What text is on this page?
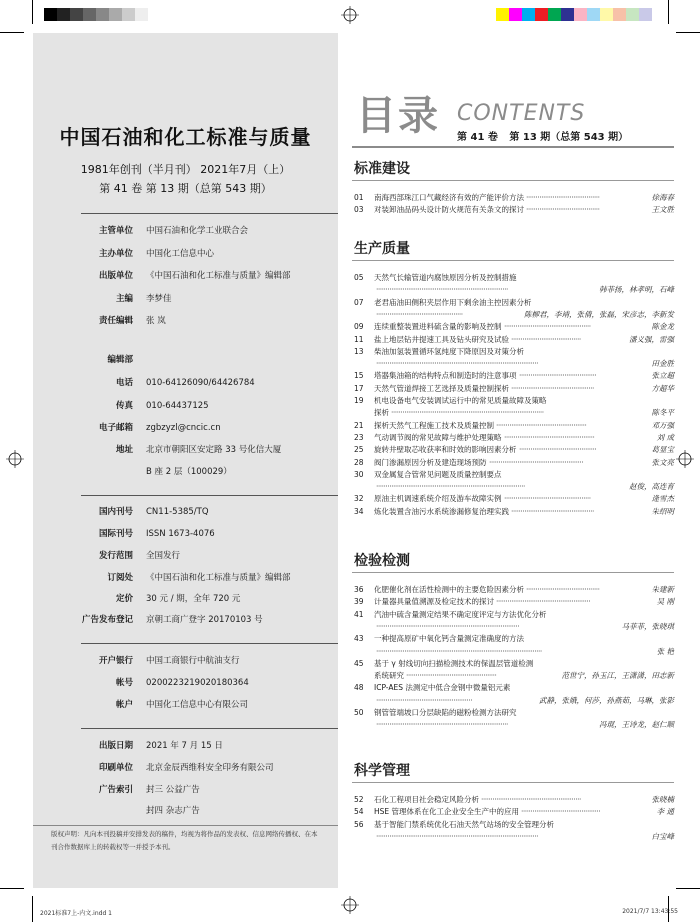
中国石油和化工标准与质量
1981年创刊（半月刊） 2021年7月（上）
第 41 卷 第 13 期（总第 543 期）
主管单位 中国石油和化学工业联合会
主办单位 中国化工信息中心
出版单位 《中国石油和化工标准与质量》编辑部
主编 李梦佳
责任编辑 张 岚
编辑部
电话 010-64126090/64426784
传真 010-64437125
电子邮箱 zgbzyzl@cncic.cn
地址 北京市朝阳区安定路 33 号化信大厦
B 座 2 层（100029）
国内刊号 CN11-5385/TQ
国际刊号 ISSN 1673-4076
发行范围 全国发行
订阅处 《中国石油和化工标准与质量》编辑部
定价 30 元 / 期，全年 720 元
广告发布登记 京朝工商广登字 20170103 号
开户银行 中国工商银行中航油支行
帐号 0200223219020180364
帐户 中国化工信息中心有限公司
出版日期 2021 年 7 月 15 日
印刷单位 北京金辰西维科安全印务有限公司
广告索引 封三 公益广告
封四 杂志广告
版权声明：凡向本刊投稿并安排发表的稿件，均视为将作品的发表权、信息网络传播权、在本刊合作数据库上的转载权等一并授予本刊。
目录 CONTENTS
第 41 卷 第 13 期（总第 543 期）
标准建设
01	南海西部珠江口气藏经济有效的产能评价方法	徐海春
·······································
03	对装卸油品码头设计防火规范有关条文的探讨	王文胜
·······································
生产质量
05	天然气长输管道内腐蚀原因分析及控制措施
韩菲扬，林孝明，石峰
······································································
07	老君庙油田侧积夹层作用下剩余油主控因素分析
陈柳君，李靖，张倩，张磊，宋彦志，李新发
··············································
09	连续重整装置进料硫含量的影响及控制	陈金龙
··············································
11	盐上地层钻井提速工具及钻头研究及试验	潘义强，雷强
·····································
13	柴油加氢装置循环氢纯度下降原因及对策分析
田金胜
······················································································
15	塔器集油箱的结构特点和制造时的注意事项	张立超
·········································
17	天然气管道焊接工艺选择及质量控制探析	方超华
············································
19	机电设备电气安装调试运行中的常见质量故障及策略
探析	陈冬平
·················································································
21	探析天然气工程施工技术及质量控制	邓万强
················································
23	气动调节阀的常见故障与维护处理策略	刘 成
················································
25	旋转井壁取芯收获率和时效的影响因素分析	葛显宝
·········································
28	阀门渗漏原因分析及建造现场预防	张文亮
··················································
30	双金属复合管常见问题及质量控制要点
赵俊，高连育
···············································································
32	原油主机调速系统介绍及游车故障实例	逄雪杰
··············································
34	炼化装置含油污水系统渗漏修复治理实践	朱绍明
············································
检验检测
36	化肥催化剂在活性检测中的主要危险因素分析	朱建新
·······································
39	计量器具量值溯源及检定技术的探讨	吴 刚
··················································
41	汽油中硫含量测定结果不确定度评定与方法优化分析
马菲菲，张晓琪
············································································
43	一种提高原矿中氧化钙含量测定准确度的方法
张 艳
························································································
45	基于 γ 射线切向扫描检测技术的保温层管道检测
系统研究	范世宁，孙玉江，王潇潇，田志新
················································
48	ICP-AES 法测定中低合金钢中微量铝元素
武静，张娥，何莎，孙燕茹，马琳，张影
···················································
50	钢管管端坡口分层缺陷的磁粉检测方法研究
冯琨，王诗龙，赵仁顺
······································································
科学管理
52	石化工程项目社会稳定风险分析	张晓楠
·····················································
54	HSE 管理体系在化工企业安全生产中的应用	李 通
··········································
56	基于智能门禁系统优化石油天然气站场的安全管理分析
白宝峰
······················································································
2021标准7上-内文.indd 1	2021/7/7 13:43:55
